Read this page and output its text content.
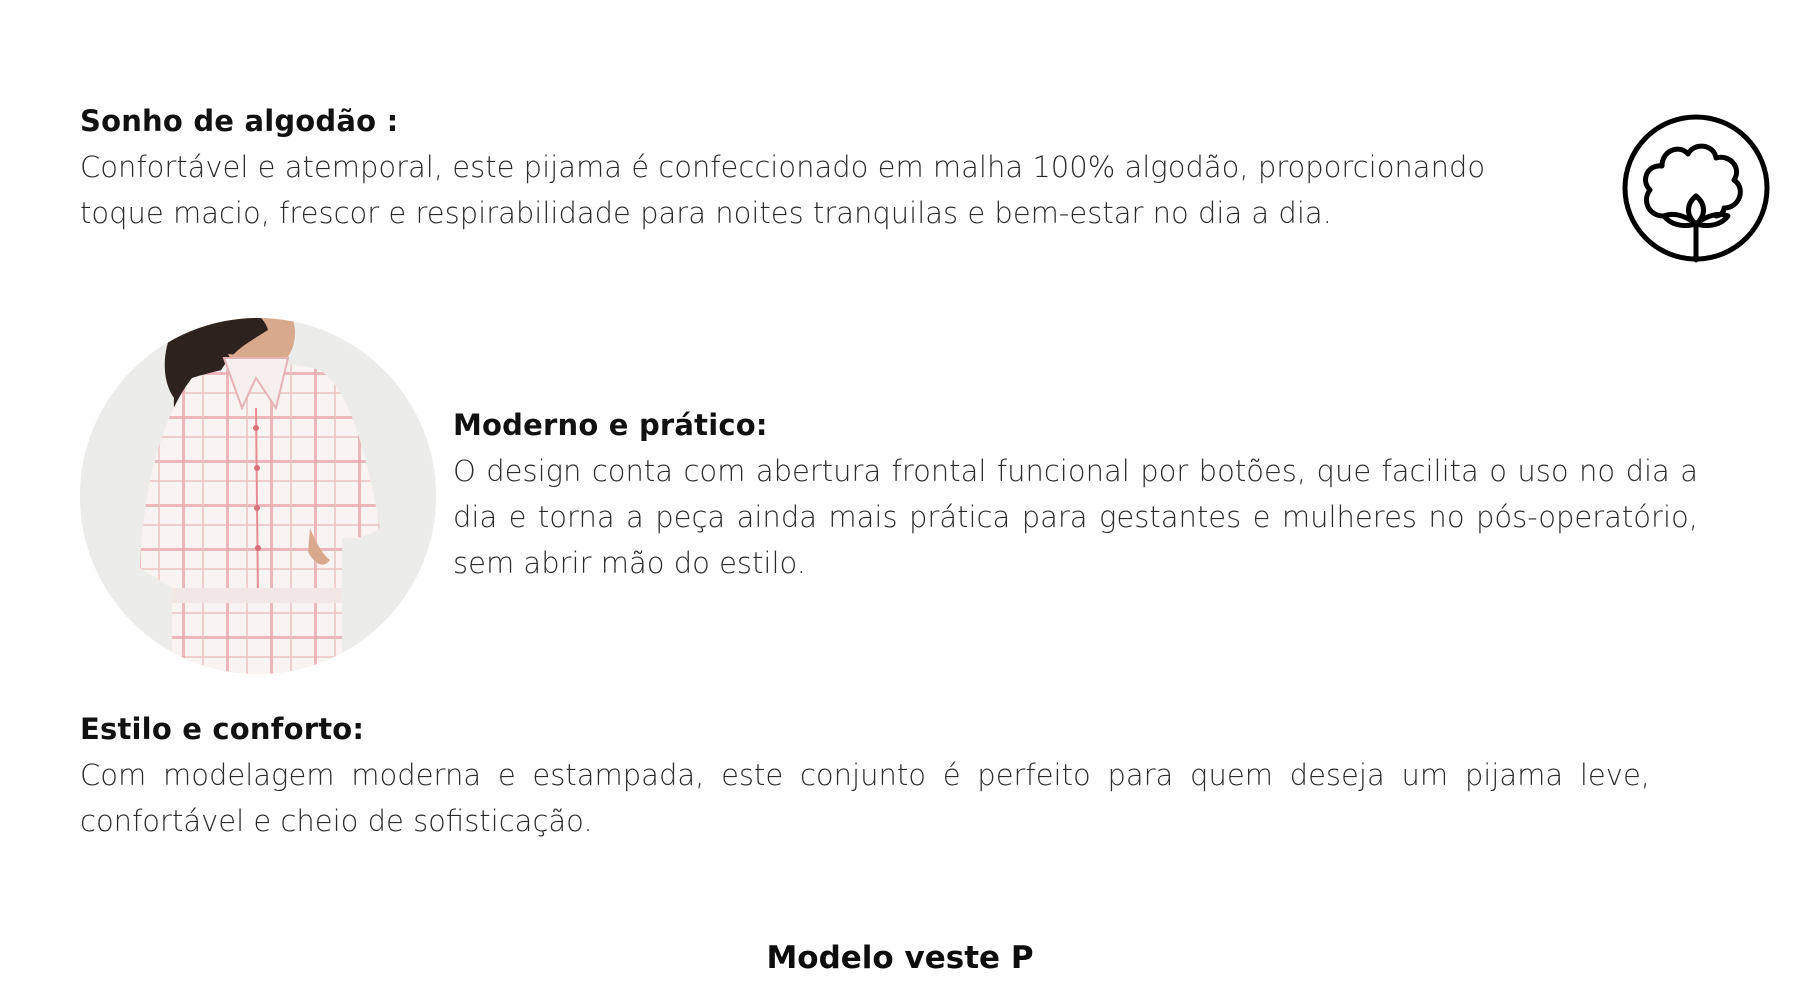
Sonho de algodão :

Confortável e atemporal, este pijama é confeccionado em malha 100% algodão, proporcionando toque macio, frescor e respirabilidade para noites tranquilas e bem-estar no dia a dia.

Moderno e prático:

O design conta com abertura frontal funcional por botões, que facilita o uso no dia a dia e torna a peça ainda mais prática para gestantes e mulheres no pós-operatório, sem abrir mão do estilo.

Estilo e conforto:

Com modelagem moderna e estampada, este conjunto é perfeito para quem deseja um pijama leve, confortável e cheio de sofisticação.

Modelo veste P
